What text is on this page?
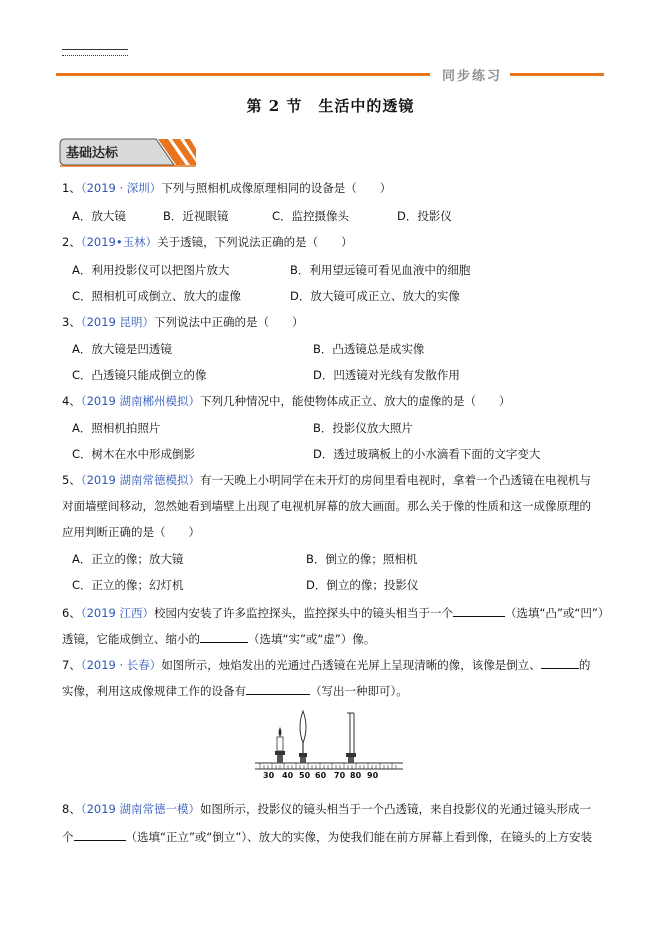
同步练习
第 2 节　生活中的透镜
基础达标
1、（2019 · 深圳）下列与照相机成像原理相同的设备是（　　）
A．放大镜	B．近视眼镜	C．监控摄像头	D．投影仪
2、（2019•玉林）关于透镜，下列说法正确的是（　　）
A．利用投影仪可以把图片放大	B．利用望远镜可看见血液中的细胞
C．照相机可成倒立、放大的虚像	D．放大镜可成正立、放大的实像
3、（2019 昆明）下列说法中正确的是（　　）
A．放大镜是凹透镜	B．凸透镜总是成实像
C．凸透镜只能成倒立的像	D．凹透镜对光线有发散作用
4、（2019 湖南郴州模拟）下列几种情况中，能使物体成正立、放大的虚像的是（　　）
A．照相机拍照片	B．投影仪放大照片
C．树木在水中形成倒影	D．透过玻璃板上的小水滴看下面的文字变大
5、（2019 湖南常德模拟）有一天晚上小明同学在未开灯的房间里看电视时，拿着一个凸透镜在电视机与
对面墙壁间移动，忽然她看到墙壁上出现了电视机屏幕的放大画面。那么关于像的性质和这一成像原理的
应用判断正确的是（　　）
A．正立的像；放大镜	B．倒立的像；照相机
C．正立的像；幻灯机	D．倒立的像；投影仪
6、（2019 江西）校园内安装了许多监控探头，监控探头中的镜头相当于一个	（选填“凸”或“凹”）
透镜，它能成倒立、缩小的	（选填“实”或“虚”）像。
7、（2019 · 长春）如图所示，烛焰发出的光通过凸透镜在光屏上呈现清晰的像，该像是倒立、	的
实像，利用这成像规律工作的设备有	（写出一种即可）。
30 40 50 60 70 80 90
8、（2019 湖南常德一模）如图所示，投影仪的镜头相当于一个凸透镜，来自投影仪的光通过镜头形成一
个	（选填“正立”或“倒立”）、放大的实像，为使我们能在前方屏幕上看到像，在镜头的上方安装
